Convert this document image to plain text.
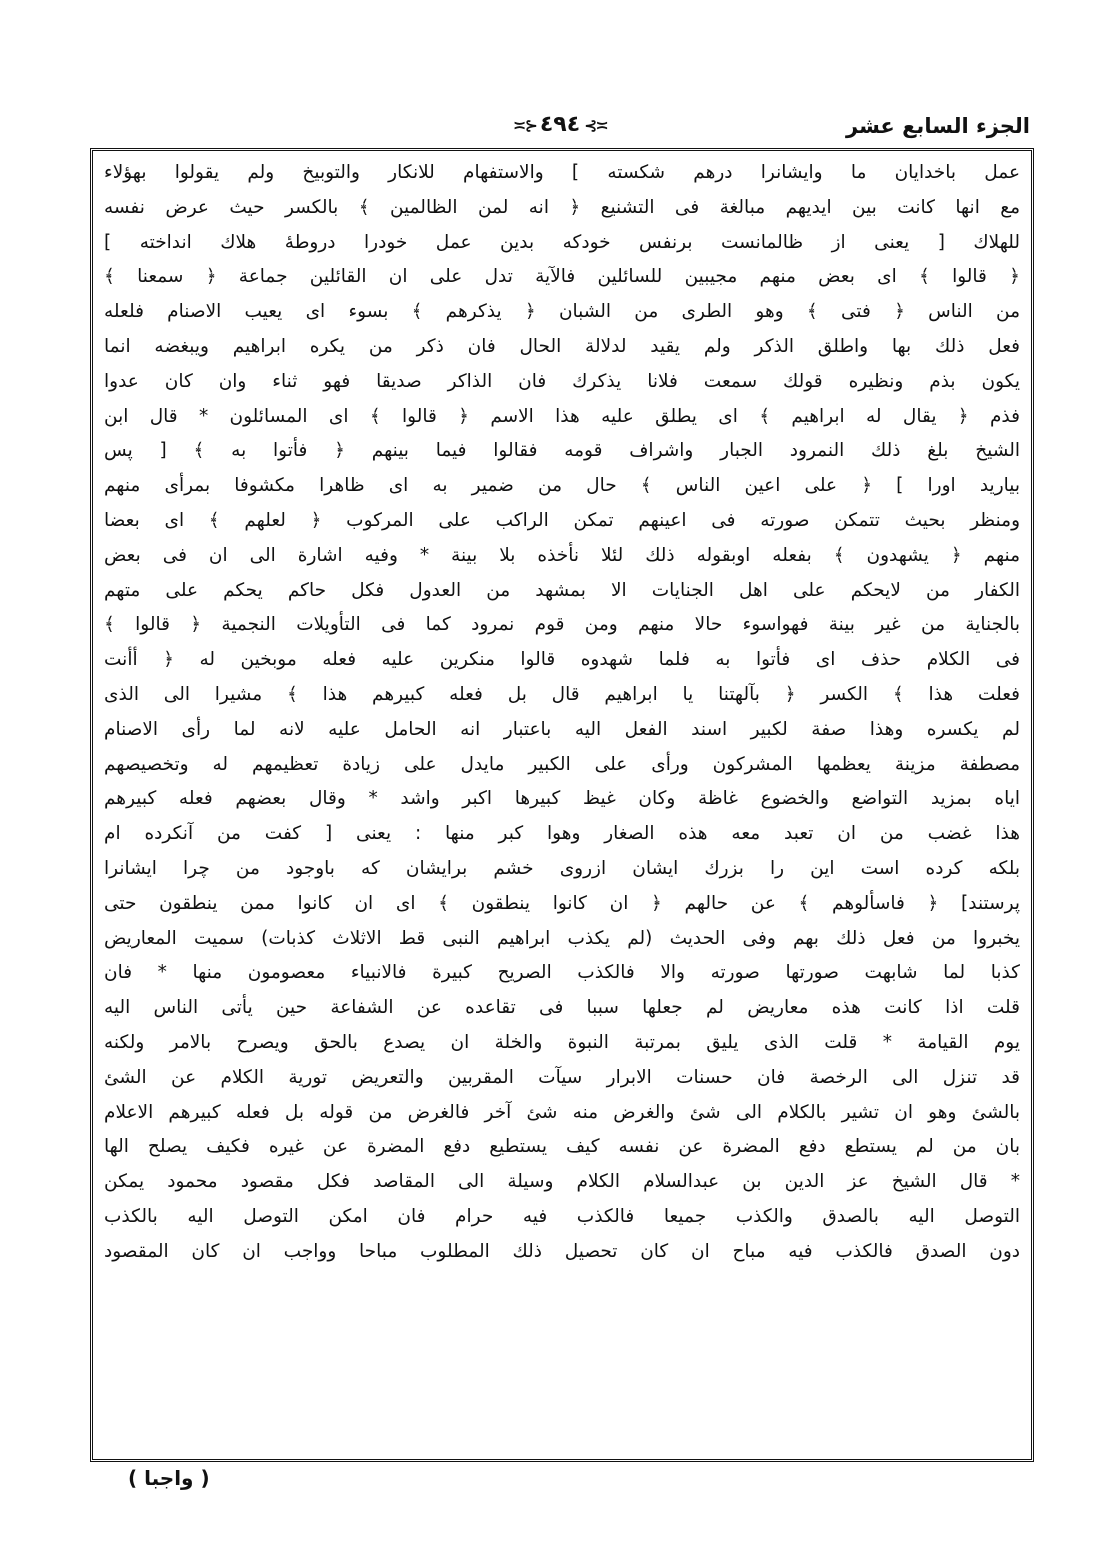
الجزء السابع عشر
≍⊱٤٩٤⊰≍
عمل باخدايان ما وايشانرا درهم شكسته ] والاستفهام للانكار والتوبيخ ولم يقولوا بهؤلاء
مع انها كانت بين ايديهم مبالغة فى التشنيع ﴿ انه لمن الظالمين ﴾ بالكسر حيث عرض نفسه
للهلاك [ يعنى از ظالمانست برنفس خودكه بدين عمل خودرا دروطهٔ هلاك انداخته ]
﴿ قالوا ﴾ اى بعض منهم مجيبين للسائلين فالآية تدل على ان القائلين جماعة ﴿ سمعنا ﴾
من الناس ﴿ فتى ﴾ وهو الطرى من الشبان ﴿ يذكرهم ﴾ بسوء اى يعيب الاصنام فلعله
فعل ذلك بها واطلق الذكر ولم يقيد لدلالة الحال فان ذكر من يكره ابراهيم ويبغضه انما
يكون بذم ونظيره قولك سمعت فلانا يذكرك فان الذاكر صديقا فهو ثناء وان كان عدوا
فذم ﴿ يقال له ابراهيم ﴾ اى يطلق عليه هذا الاسم ﴿ قالوا ﴾ اى المسائلون * قال ابن
الشيخ بلغ ذلك النمرود الجبار واشراف قومه فقالوا فيما بينهم ﴿ فأتوا به ﴾ [ پس
بياريد اورا ] ﴿ على اعين الناس ﴾ حال من ضمير به اى ظاهرا مكشوفا بمرأى منهم
ومنظر بحيث تتمكن صورته فى اعينهم تمكن الراكب على المركوب ﴿ لعلهم ﴾ اى بعضا
منهم ﴿ يشهدون ﴾ بفعله اوبقوله ذلك لئلا نأخذه بلا بينة * وفيه اشارة الى ان فى بعض
الكفار من لايحكم على اهل الجنايات الا بمشهد من العدول فكل حاكم يحكم على متهم
بالجناية من غير بينة فهواسوء حالا منهم ومن قوم نمرود كما فى التأويلات النجمية ﴿ قالوا ﴾
فى الكلام حذف اى فأتوا به فلما شهدوه قالوا منكرين عليه فعله موبخين له ﴿ أأنت
فعلت هذا ﴾ الكسر ﴿ بآلهتنا يا ابراهيم قال بل فعله كبيرهم هذا ﴾ مشيرا الى الذى
لم يكسره وهذا صفة لكبير اسند الفعل اليه باعتبار انه الحامل عليه لانه لما رأى الاصنام
مصطفة مزينة يعظمها المشركون ورأى على الكبير مايدل على زيادة تعظيمهم له وتخصيصهم
اياه بمزيد التواضع والخضوع غاظة وكان غيظ كبيرها اكبر واشد * وقال بعضهم فعله كبيرهم
هذا غضب من ان تعبد معه هذه الصغار وهوا كبر منها : يعنى [ كفت من آنكرده ام
بلكه كرده است اين را بزرك ايشان ازروى خشم برايشان كه باوجود من چرا ايشانرا
پرستند] ﴿ فاسألوهم ﴾ عن حالهم ﴿ ان كانوا ينطقون ﴾ اى ان كانوا ممن ينطقون حتى
يخبروا من فعل ذلك بهم وفى الحديث (لم يكذب ابراهيم النبى قط الاثلاث كذبات) سميت المعاريض
كذبا لما شابهت صورتها صورته والا فالكذب الصريح كبيرة فالانبياء معصومون منها * فان
قلت اذا كانت هذه معاريض لم جعلها سببا فى تقاعده عن الشفاعة حين يأتى الناس اليه
يوم القيامة * قلت الذى يليق بمرتبة النبوة والخلة ان يصدع بالحق ويصرح بالامر ولكنه
قد تنزل الى الرخصة فان حسنات الابرار سيآت المقربين والتعريض تورية الكلام عن الشئ
بالشئ وهو ان تشير بالكلام الى شئ والغرض منه شئ آخر فالغرض من قوله بل فعله كبيرهم الاعلام
بان من لم يستطع دفع المضرة عن نفسه كيف يستطيع دفع المضرة عن غيره فكيف يصلح الها
* قال الشيخ عز الدين بن عبدالسلام الكلام وسيلة الى المقاصد فكل مقصود محمود يمكن
التوصل اليه بالصدق والكذب جميعا فالكذب فيه حرام فان امكن التوصل اليه بالكذب
دون الصدق فالكذب فيه مباح ان كان تحصيل ذلك المطلوب مباحا وواجب ان كان المقصود
( واجبا )
